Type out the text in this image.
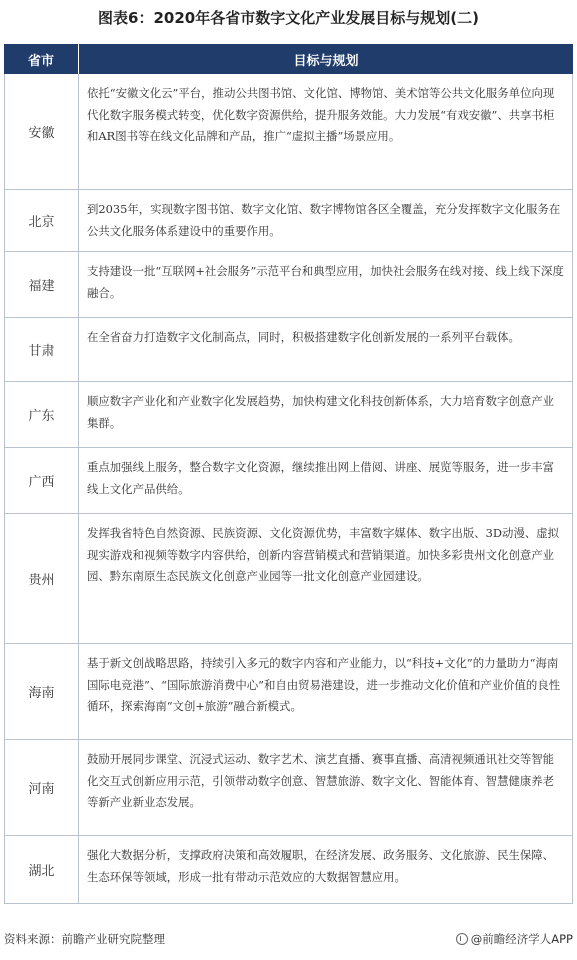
图表6：2020年各省市数字文化产业发展目标与规划(二)
省市	目标与规划
安徽
依托“安徽文化云”平台，推动公共图书馆、文化馆、博物馆、美术馆等公共文化服务单位向现代化数字服务模式转变，优化数字资源供给，提升服务效能。大力发展“有戏安徽”、共享书柜和AR图书等在线文化品牌和产品，推广“虚拟主播”场景应用。
北京
到2035年，实现数字图书馆、数字文化馆、数字博物馆各区全覆盖，充分发挥数字文化服务在公共文化服务体系建设中的重要作用。
福建
支持建设一批“互联网+社会服务”示范平台和典型应用，加快社会服务在线对接、线上线下深度融合。
甘肃
在全省奋力打造数字文化制高点，同时，积极搭建数字化创新发展的一系列平台载体。
广东
顺应数字产业化和产业数字化发展趋势，加快构建文化科技创新体系，大力培育数字创意产业集群。
广西
重点加强线上服务，整合数字文化资源，继续推出网上借阅、讲座、展览等服务，进一步丰富线上文化产品供给。
贵州
发挥我省特色自然资源、民族资源、文化资源优势，丰富数字媒体、数字出版、3D动漫、虚拟现实游戏和视频等数字内容供给，创新内容营销模式和营销渠道。加快多彩贵州文化创意产业园、黔东南原生态民族文化创意产业园等一批文化创意产业园建设。
海南
基于新文创战略思路，持续引入多元的数字内容和产业能力，以“科技+文化”的力量助力“海南国际电竞港”、“国际旅游消费中心”和自由贸易港建设，进一步推动文化价值和产业价值的良性循环，探索海南“文创+旅游”融合新模式。
河南
鼓励开展同步课堂、沉浸式运动、数字艺术、演艺直播、赛事直播、高清视频通讯社交等智能化交互式创新应用示范，引领带动数字创意、智慧旅游、数字文化、智能体育、智慧健康养老等新产业新业态发展。
湖北
强化大数据分析，支撑政府决策和高效履职，在经济发展、政务服务、文化旅游、民生保障、生态环保等领域，形成一批有带动示范效应的大数据智慧应用。
资料来源：前瞻产业研究院整理	@前瞻经济学人APP
